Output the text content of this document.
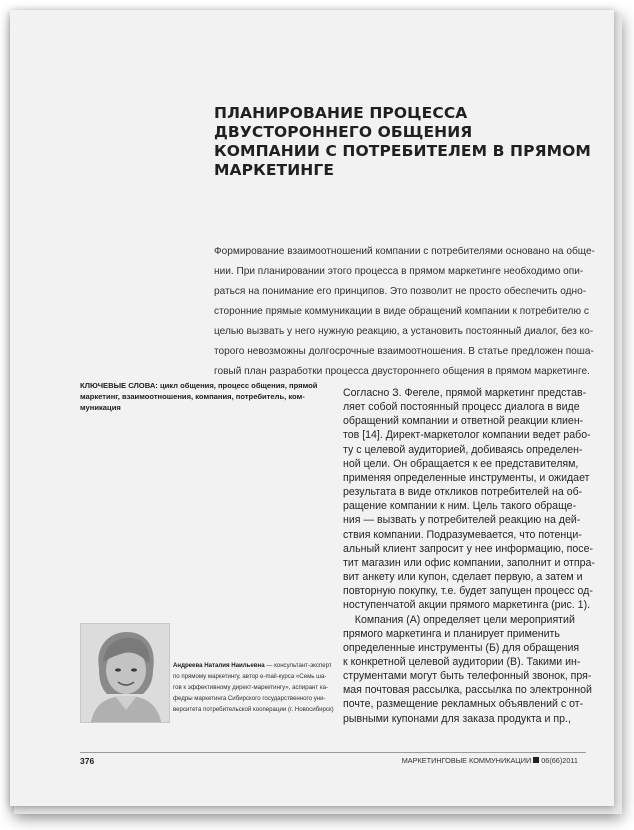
ПЛАНИРОВАНИЕ ПРОЦЕССА
ДВУСТОРОННЕГО ОБЩЕНИЯ
КОМПАНИИ С ПОТРЕБИТЕЛЕМ В ПРЯМОМ
МАРКЕТИНГЕ
Формирование взаимоотношений компании с потребителями основано на обще-
нии. При планировании этого процесса в прямом маркетинге необходимо опи-
раться на понимание его принципов. Это позволит не просто обеспечить одно-
сторонние прямые коммуникации в виде обращений компании к потребителю с
целью вызвать у него нужную реакцию, а установить постоянный диалог, без ко-
торого невозможны долгосрочные взаимоотношения. В статье предложен поша-
говый план разработки процесса двустороннего общения в прямом маркетинге.
КЛЮЧЕВЫЕ СЛОВА: цикл общения, процесс общения, прямой
маркетинг, взаимоотношения, компания, потребитель, ком-
муникация
Согласно З. Фегеле, прямой маркетинг представ-
ляет собой постоянный процесс диалога в виде
обращений компании и ответной реакции клиен-
тов [14]. Директ-маркетолог компании ведет рабо-
ту с целевой аудиторией, добиваясь определен-
ной цели. Он обращается к ее представителям,
применяя определенные инструменты, и ожидает
результата в виде откликов потребителей на об-
ращение компании к ним. Цель такого обраще-
ния — вызвать у потребителей реакцию на дей-
ствия компании. Подразумевается, что потенци-
альный клиент запросит у нее информацию, посе-
тит магазин или офис компании, заполнит и отпра-
вит анкету или купон, сделает первую, а затем и
повторную покупку, т.е. будет запущен процесс од-
ноступенчатой акции прямого маркетинга (рис. 1).
Компания (А) определяет цели мероприятий
прямого маркетинга и планирует применить
определенные инструменты (Б) для обращения
к конкретной целевой аудитории (В). Такими ин-
струментами могут быть телефонный звонок, пря-
мая почтовая рассылка, рассылка по электронной
почте, размещение рекламных объявлений с от-
рывными купонами для заказа продукта и пр.,
Андреева Наталия Наильевна — консультант-эксперт
по прямому маркетингу, автор e-mail-курса «Семь ша-
гов к эффективному директ-маркетингу», аспирант ка-
федры маркетинга Сибирского государственного уни-
верситета потребительской кооперации (г. Новосибирск)
376	МАРКЕТИНГОВЫЕ КОММУНИКАЦИИ 06(66)2011
